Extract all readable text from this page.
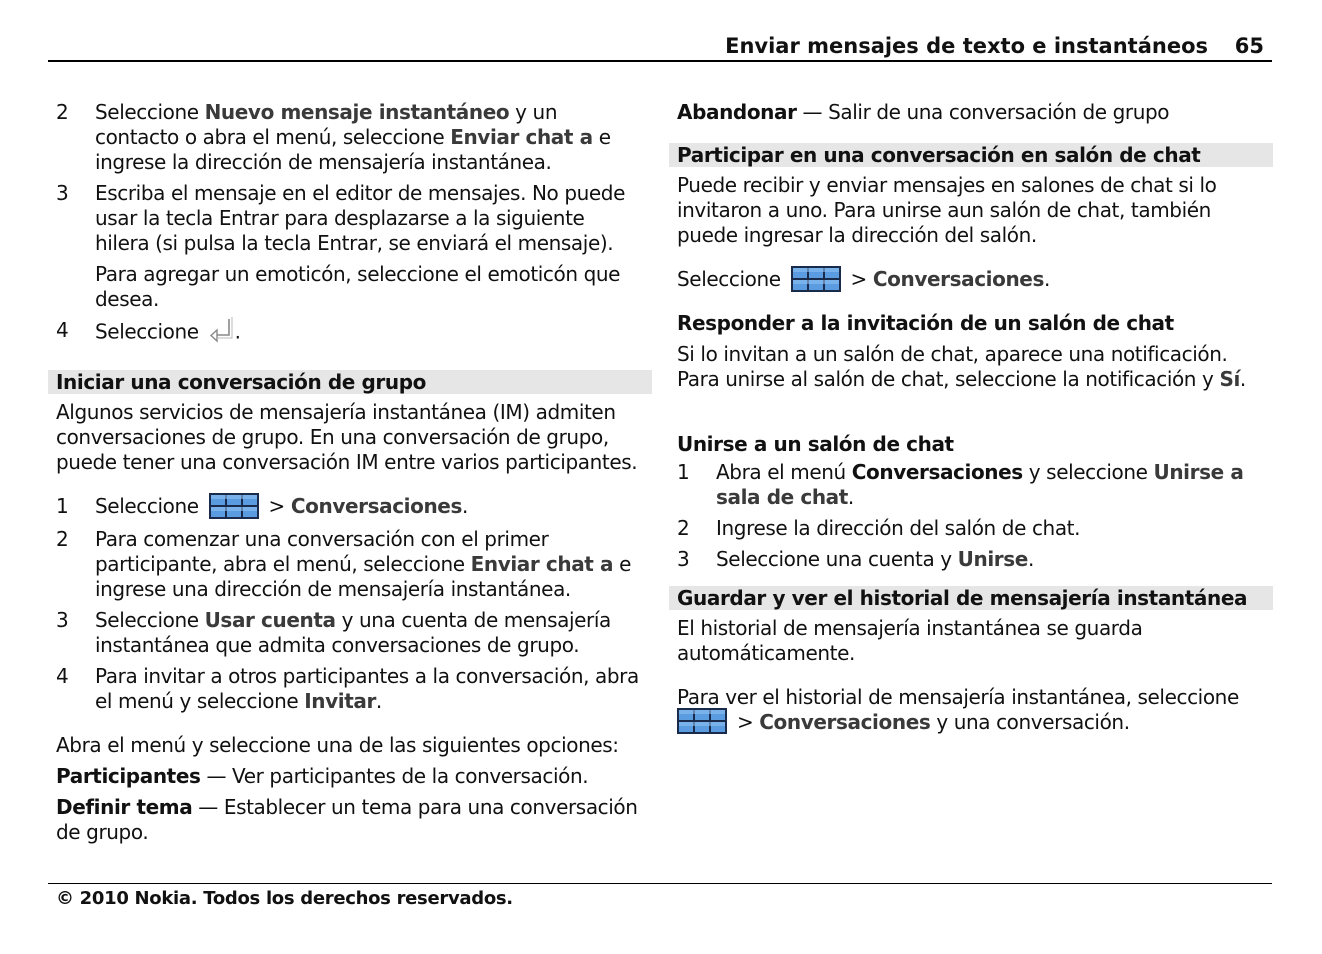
Enviar mensajes de texto e instantáneos 65
2 Seleccione Nuevo mensaje instantáneo y un contacto o abra el menú, seleccione Enviar chat a e ingrese la dirección de mensajería instantánea.
3 Escriba el mensaje en el editor de mensajes. No puede usar la tecla Entrar para desplazarse a la siguiente hilera (si pulsa la tecla Entrar, se enviará el mensaje).
Para agregar un emoticón, seleccione el emoticón que desea.
4 Seleccione .
Iniciar una conversación de grupo
Algunos servicios de mensajería instantánea (IM) admiten conversaciones de grupo. En una conversación de grupo, puede tener una conversación IM entre varios participantes.
1 Seleccione	> Conversaciones.
2 Para comenzar una conversación con el primer participante, abra el menú, seleccione Enviar chat a e ingrese una dirección de mensajería instantánea.
3 Seleccione Usar cuenta y una cuenta de mensajería instantánea que admita conversaciones de grupo.
4 Para invitar a otros participantes a la conversación, abra el menú y seleccione Invitar.
Abra el menú y seleccione una de las siguientes opciones:
Participantes — Ver participantes de la conversación.
Definir tema — Establecer un tema para una conversación de grupo.
Abandonar — Salir de una conversación de grupo
Participar en una conversación en salón de chat
Puede recibir y enviar mensajes en salones de chat si lo invitaron a uno. Para unirse aun salón de chat, también puede ingresar la dirección del salón.
Seleccione	> Conversaciones.
Responder a la invitación de un salón de chat
Si lo invitan a un salón de chat, aparece una notificación. Para unirse al salón de chat, seleccione la notificación y Sí.
Unirse a un salón de chat
1 Abra el menú Conversaciones y seleccione Unirse a sala de chat.
2 Ingrese la dirección del salón de chat.
3 Seleccione una cuenta y Unirse.
Guardar y ver el historial de mensajería instantánea
El historial de mensajería instantánea se guarda automáticamente.
Para ver el historial de mensajería instantánea, seleccione
> Conversaciones y una conversación.
© 2010 Nokia. Todos los derechos reservados.
